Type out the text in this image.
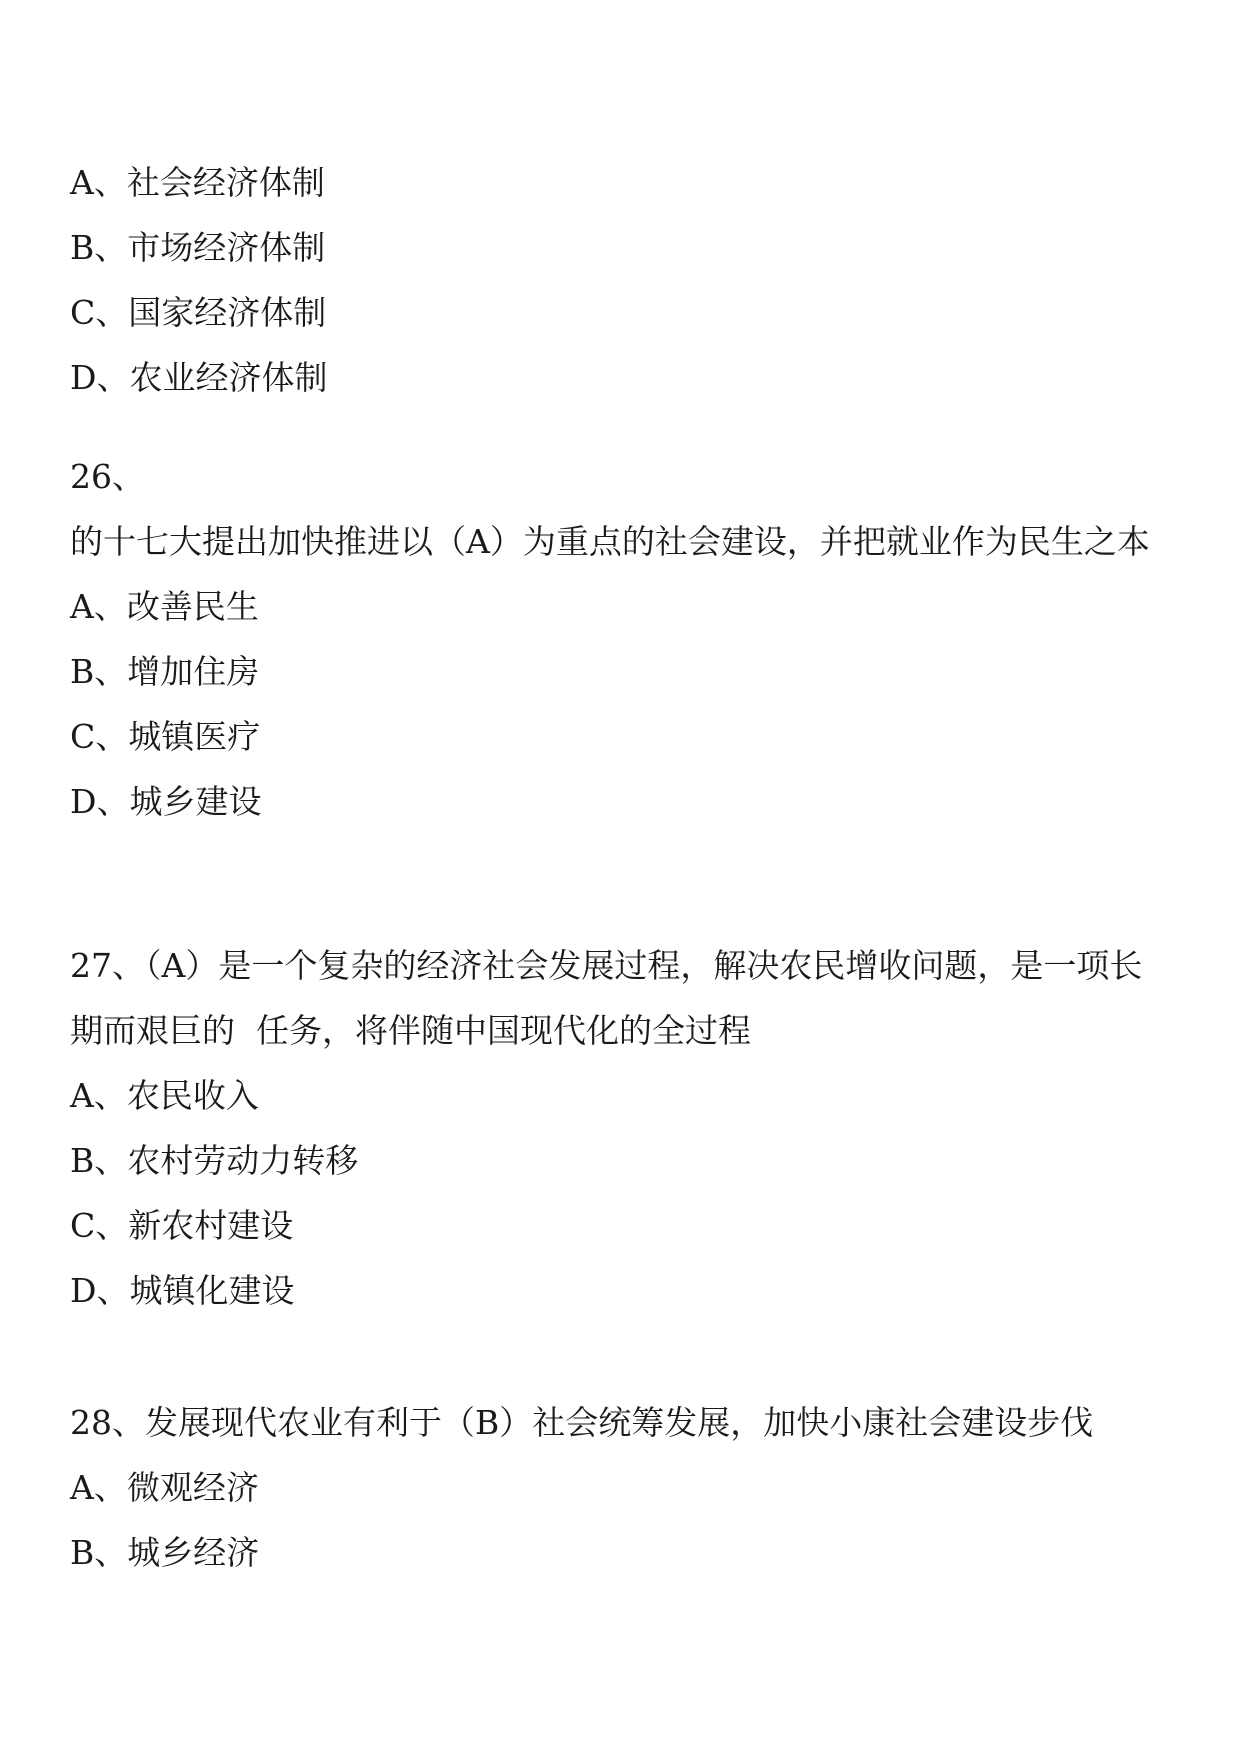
A、社会经济体制
B、市场经济体制
C、国家经济体制
D、农业经济体制
26、
的十七大提出加快推进以（A）为重点的社会建设，并把就业作为民生之本
A、改善民生
B、增加住房
C、城镇医疗
D、城乡建设
27、（A）是一个复杂的经济社会发展过程，解决农民增收问题，是一项长
期而艰巨的  任务，将伴随中国现代化的全过程
A、农民收入
B、农村劳动力转移
C、新农村建设
D、城镇化建设
28、发展现代农业有利于（B）社会统筹发展，加快小康社会建设步伐
A、微观经济
B、城乡经济
